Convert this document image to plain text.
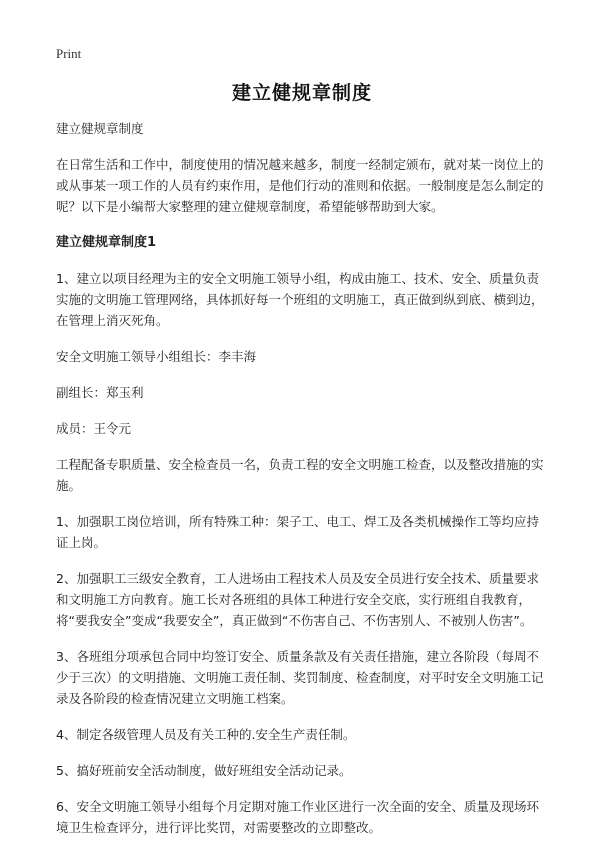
Print
建立健规章制度

建立健规章制度

在日常生活和工作中，制度使用的情况越来越多，制度一经制定颁布，就对某一岗位上的或从事某一项工作的人员有约束作用，是他们行动的准则和依据。一般制度是怎么制定的呢？以下是小编帮大家整理的建立健规章制度，希望能够帮助到大家。

建立健规章制度1

1、建立以项目经理为主的安全文明施工领导小组，构成由施工、技术、安全、质量负责实施的文明施工管理网络，具体抓好每一个班组的文明施工，真正做到纵到底、横到边，在管理上消灭死角。

安全文明施工领导小组组长：李丰海

副组长：郑玉利

成员：王令元

工程配备专职质量、安全检查员一名，负责工程的安全文明施工检查，以及整改措施的实施。

1、加强职工岗位培训，所有特殊工种：架子工、电工、焊工及各类机械操作工等均应持证上岗。

2、加强职工三级安全教育，工人进场由工程技术人员及安全员进行安全技术、质量要求和文明施工方向教育。施工长对各班组的具体工种进行安全交底，实行班组自我教育，将“要我安全”变成“我要安全”，真正做到“不伤害自己、不伤害别人、不被别人伤害”。

3、各班组分项承包合同中均签订安全、质量条款及有关责任措施，建立各阶段（每周不少于三次）的文明措施、文明施工责任制、奖罚制度、检查制度，对平时安全文明施工记录及各阶段的检查情况建立文明施工档案。

4、制定各级管理人员及有关工种的.安全生产责任制。

5、搞好班前安全活动制度，做好班组安全活动记录。

6、安全文明施工领导小组每个月定期对施工作业区进行一次全面的安全、质量及现场环境卫生检查评分，进行评比奖罚，对需要整改的立即整改。
